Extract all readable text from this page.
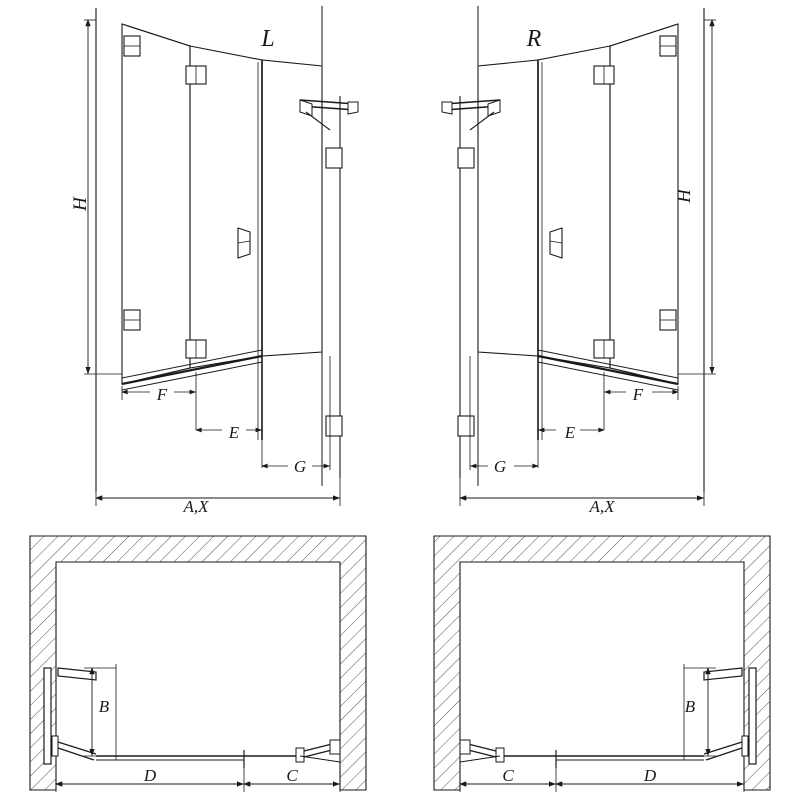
H
F
E
G
A,X
L
H
F
E
G
A,X
R
B
D	C
B
C	D
